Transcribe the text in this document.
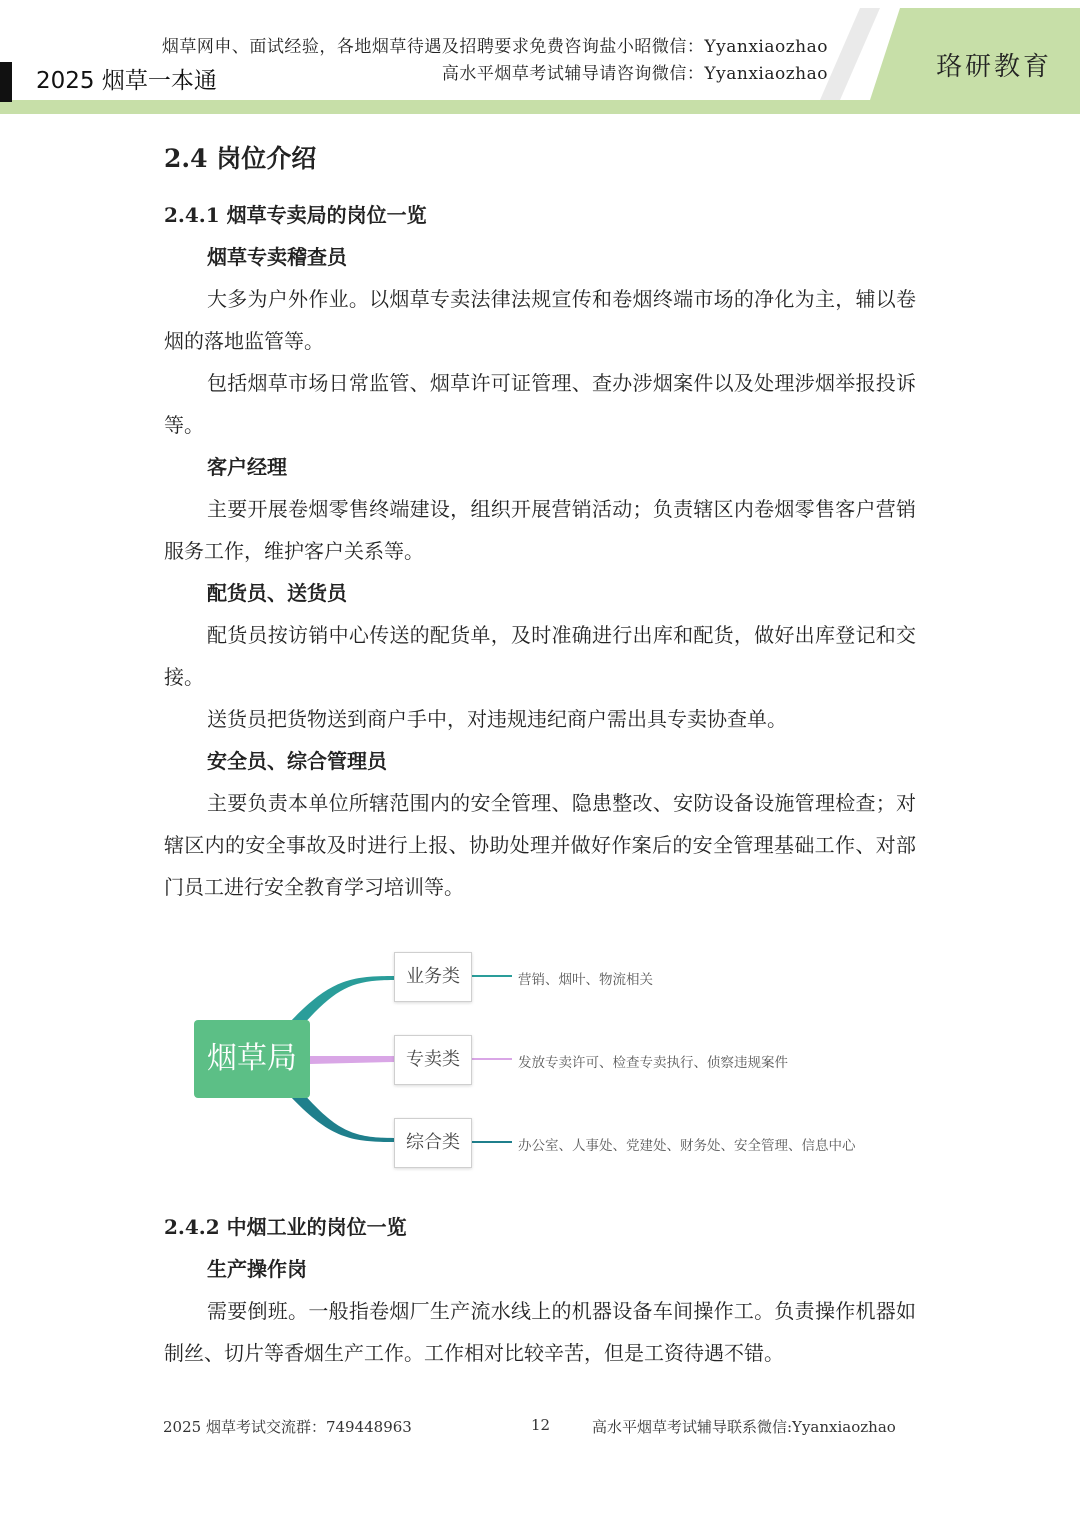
烟草网申、面试经验，各地烟草待遇及招聘要求免费咨询盐小昭微信：Yyanxiaozhao
高水平烟草考试辅导请咨询微信：Yyanxiaozhao
2025 烟草一本通	珞研教育
2.4 岗位介绍
2.4.1 烟草专卖局的岗位一览
烟草专卖稽查员
大多为户外作业。以烟草专卖法律法规宣传和卷烟终端市场的净化为主，辅以卷烟的落地监管等。
包括烟草市场日常监管、烟草许可证管理、查办涉烟案件以及处理涉烟举报投诉等。
客户经理
主要开展卷烟零售终端建设，组织开展营销活动；负责辖区内卷烟零售客户营销服务工作，维护客户关系等。
配货员、送货员
配货员按访销中心传送的配货单，及时准确进行出库和配货，做好出库登记和交接。
送货员把货物送到商户手中，对违规违纪商户需出具专卖协查单。
安全员、综合管理员
主要负责本单位所辖范围内的安全管理、隐患整改、安防设备设施管理检查；对辖区内的安全事故及时进行上报、协助处理并做好作案后的安全管理基础工作、对部门员工进行安全教育学习培训等。
烟草局
业务类
专卖类
综合类
营销、烟叶、物流相关
发放专卖许可、检查专卖执行、侦察违规案件
办公室、人事处、党建处、财务处、安全管理、信息中心
2.4.2 中烟工业的岗位一览
生产操作岗
需要倒班。一般指卷烟厂生产流水线上的机器设备车间操作工。负责操作机器如制丝、切片等香烟生产工作。工作相对比较辛苦，但是工资待遇不错。
2025 烟草考试交流群：749448963	12	高水平烟草考试辅导联系微信:Yyanxiaozhao
